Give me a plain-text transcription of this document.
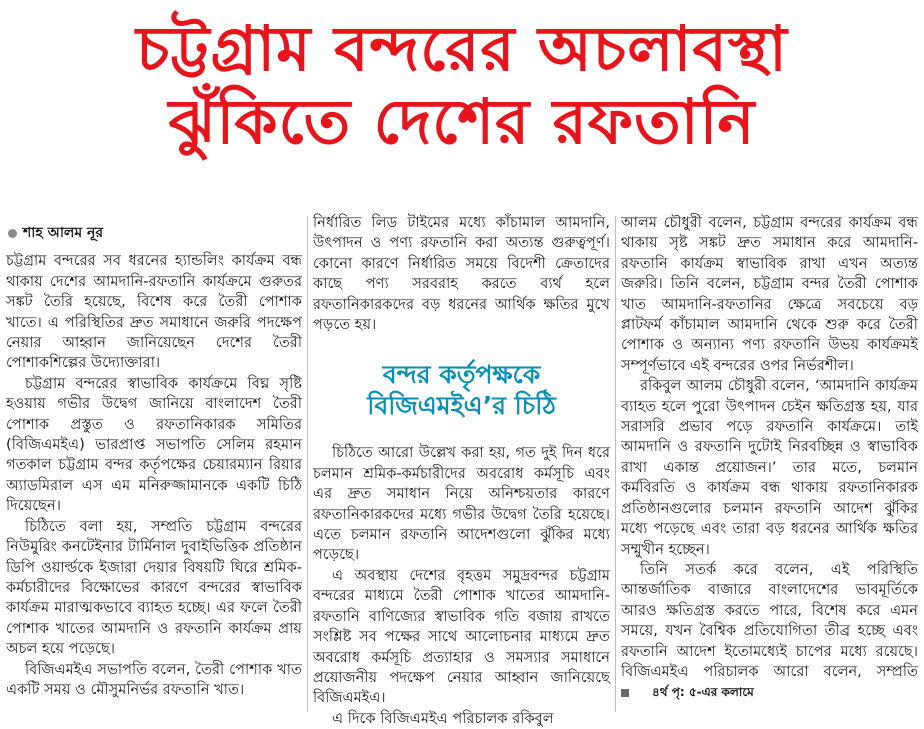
চট্টগ্রাম বন্দরের অচলাবস্থা
ঝুঁকিতে দেশের রফতানি
শাহ আলম নূর

চট্টগ্রাম বন্দরের সব ধরনের হ্যান্ডলিং কার্যক্রম বন্ধ থাকায় দেশের আমদানি-রফতানি কার্যক্রমে গুরুতর সঙ্কট তৈরি হয়েছে, বিশেষ করে তৈরী পোশাক খাতে। এ পরিস্থিতির দ্রুত সমাধানে জরুরি পদক্ষেপ নেয়ার আহ্বান জানিয়েছেন দেশের তৈরী পোশাকশিল্পের উদ্যোক্তারা।

চট্টগ্রাম বন্দরের স্বাভাবিক কার্যক্রমে বিঘ্ন সৃষ্টি হওয়ায় গভীর উদ্বেগ জানিয়ে বাংলাদেশ তৈরী পোশাক প্রস্তুত ও রফতানিকারক সমিতির (বিজিএমইএ) ভারপ্রাপ্ত সভাপতি সেলিম রহমান গতকাল চট্টগ্রাম বন্দর কর্তৃপক্ষের চেয়ারম্যান রিয়ার অ্যাডমিরাল এস এম মনিরুজ্জামানকে একটি চিঠি দিয়েছেন।

চিঠিতে বলা হয়, সম্প্রতি চট্টগ্রাম বন্দরের নিউমুরিং কনটেইনার টার্মিনাল দুবাইভিত্তিক প্রতিষ্ঠান ডিপি ওয়ার্ল্ডকে ইজারা দেয়ার বিষয়টি ঘিরে শ্রমিক-কর্মচারীদের বিক্ষোভের কারণে বন্দরের স্বাভাবিক কার্যক্রম মারাত্মকভাবে ব্যাহত হচ্ছে। এর ফলে তৈরী পোশাক খাতের আমদানি ও রফতানি কার্যক্রম প্রায় অচল হয়ে পড়েছে।

বিজিএমইএ সভাপতি বলেন, তৈরী পোশাক খাত একটি সময় ও মৌসুমনির্ভর রফতানি খাত।

নির্ধারিত লিড টাইমের মধ্যে কাঁচামাল আমদানি, উৎপাদন ও পণ্য রফতানি করা অত্যন্ত গুরুত্বপূর্ণ। কোনো কারণে নির্ধারিত সময়ে বিদেশী ক্রেতাদের কাছে পণ্য সরবরাহ করতে ব্যর্থ হলে রফতানিকারকদের বড় ধরনের আর্থিক ক্ষতির মুখে পড়তে হয়।

বন্দর কর্তৃপক্ষকে বিজিএমইএ’র চিঠি

চিঠিতে আরো উল্লেখ করা হয়, গত দুই দিন ধরে চলমান শ্রমিক-কর্মচারীদের অবরোধ কর্মসূচি এবং এর দ্রুত সমাধান নিয়ে অনিশ্চয়তার কারণে রফতানিকারকদের মধ্যে গভীর উদ্বেগ তৈরি হয়েছে। এতে চলমান রফতানি আদেশগুলো ঝুঁকির মধ্যে পড়েছে।

এ অবস্থায় দেশের বৃহত্তম সমুদ্রবন্দর চট্টগ্রাম বন্দরের মাধ্যমে তৈরী পোশাক খাতের আমদানি-রফতানি বাণিজ্যের স্বাভাবিক গতি বজায় রাখতে সংশ্লিষ্ট সব পক্ষের সাথে আলোচনার মাধ্যমে দ্রুত অবরোধ কর্মসূচি প্রত্যাহার ও সমস্যার সমাধানে প্রয়োজনীয় পদক্ষেপ নেয়ার আহ্বান জানিয়েছে বিজিএমইএ।

এ দিকে বিজিএমইএ পরিচালক রকিবুল

আলম চৌধুরী বলেন, চট্টগ্রাম বন্দরের কার্যক্রম বন্ধ থাকায় সৃষ্ট সঙ্কট দ্রুত সমাধান করে আমদানি-রফতানি কার্যক্রম স্বাভাবিক রাখা এখন অত্যন্ত জরুরি। তিনি বলেন, চট্টগ্রাম বন্দর তৈরী পোশাক খাত আমদানি-রফতানির ক্ষেত্রে সবচেয়ে বড় প্লাটফর্ম কাঁচামাল আমদানি থেকে শুরু করে তৈরী পোশাক ও অন্যান্য পণ্য রফতানি উভয় কার্যক্রমই সম্পূর্ণভাবে এই বন্দরের ওপর নির্ভরশীল।

রকিবুল আলম চৌধুরী বলেন, ‘আমদানি কার্যক্রম ব্যাহত হলে পুরো উৎপাদন চেইন ক্ষতিগ্রস্ত হয়, যার সরাসরি প্রভাব পড়ে রফতানি কার্যক্রমে। তাই আমদানি ও রফতানি দুটোই নিরবচ্ছিন্ন ও স্বাভাবিক রাখা একান্ত প্রয়োজন।’ তার মতে, চলমান কর্মবিরতি ও কার্যক্রম বন্ধ থাকায় রফতানিকারক প্রতিষ্ঠানগুলোর চলমান রফতানি আদেশ ঝুঁকির মধ্যে পড়েছে এবং তারা বড় ধরনের আর্থিক ক্ষতির সম্মুখীন হচ্ছেন।

তিনি সতর্ক করে বলেন, এই পরিস্থিতি আন্তর্জাতিক বাজারে বাংলাদেশের ভাবমূর্তিকে আরও ক্ষতিগ্রস্ত করতে পারে, বিশেষ করে এমন সময়ে, যখন বৈশ্বিক প্রতিযোগিতা তীব্র হচ্ছে এবং রফতানি আদেশ ইতোমধ্যেই চাপের মধ্যে রয়েছে। বিজিএমইএ পরিচালক আরো বলেন, সম্প্রতি
৪র্থ পৃ: ৫-এর কলামে
